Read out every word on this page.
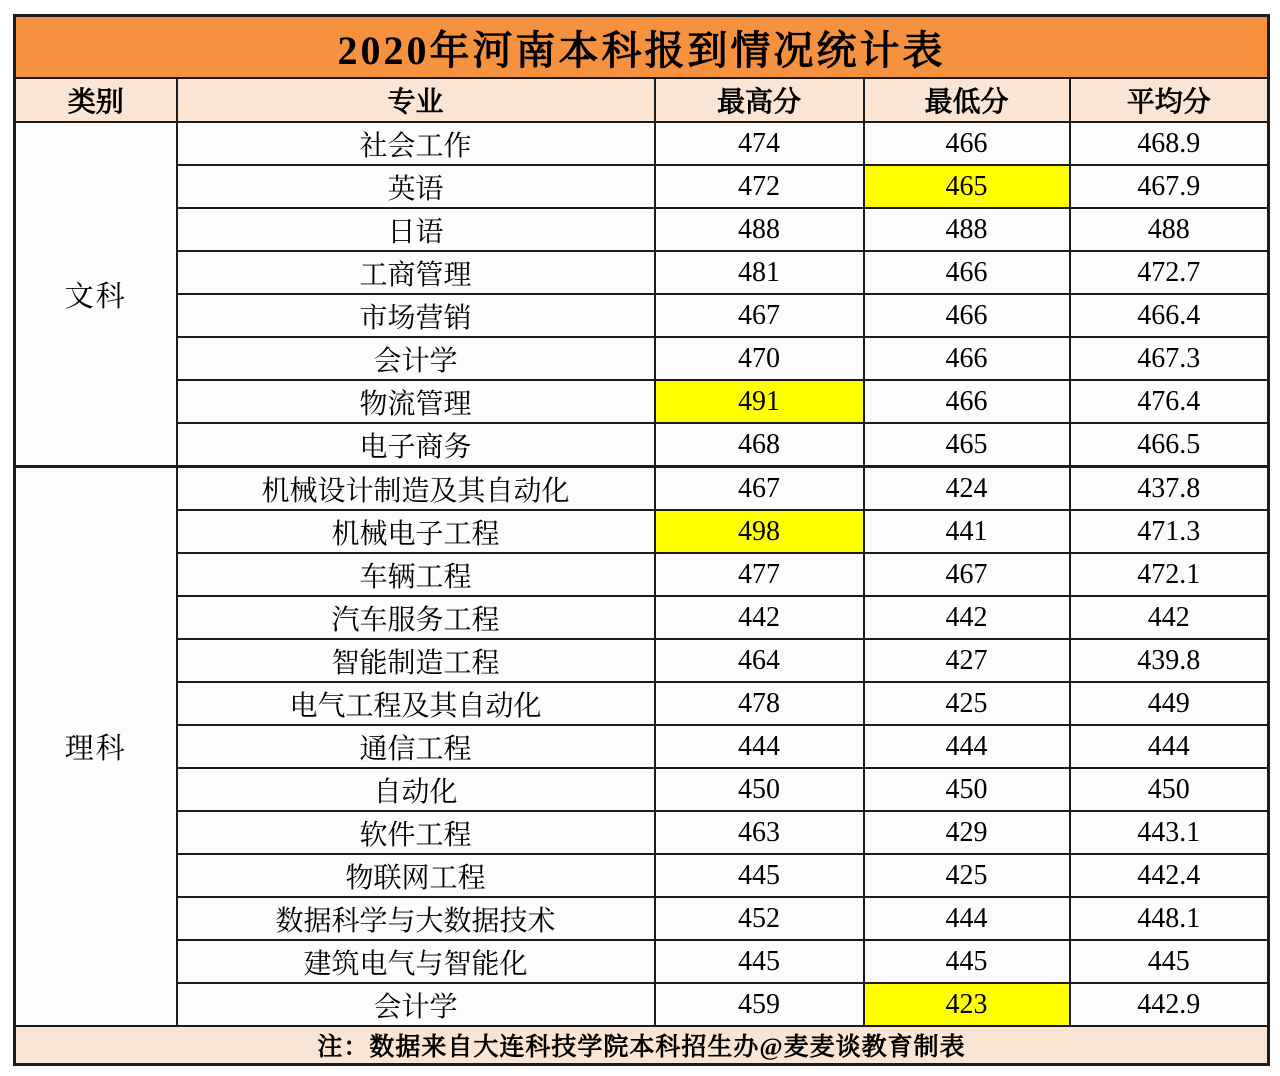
2020年河南本科报到情况统计表				
类别	专业	最高分	最低分	平均分
文科	社会工作	474	466	468.9
	英语	472	465	467.9
	日语	488	488	488
	工商管理	481	466	472.7
	市场营销	467	466	466.4
	会计学	470	466	467.3
	物流管理	491	466	476.4
	电子商务	468	465	466.5
理科	机械设计制造及其自动化	467	424	437.8
	机械电子工程	498	441	471.3
	车辆工程	477	467	472.1
	汽车服务工程	442	442	442
	智能制造工程	464	427	439.8
	电气工程及其自动化	478	425	449
	通信工程	444	444	444
	自动化	450	450	450
	软件工程	463	429	443.1
	物联网工程	445	425	442.4
	数据科学与大数据技术	452	444	448.1
	建筑电气与智能化	445	445	445
	会计学	459	423	442.9
注：数据来自大连科技学院本科招生办@麦麦谈教育制表				
